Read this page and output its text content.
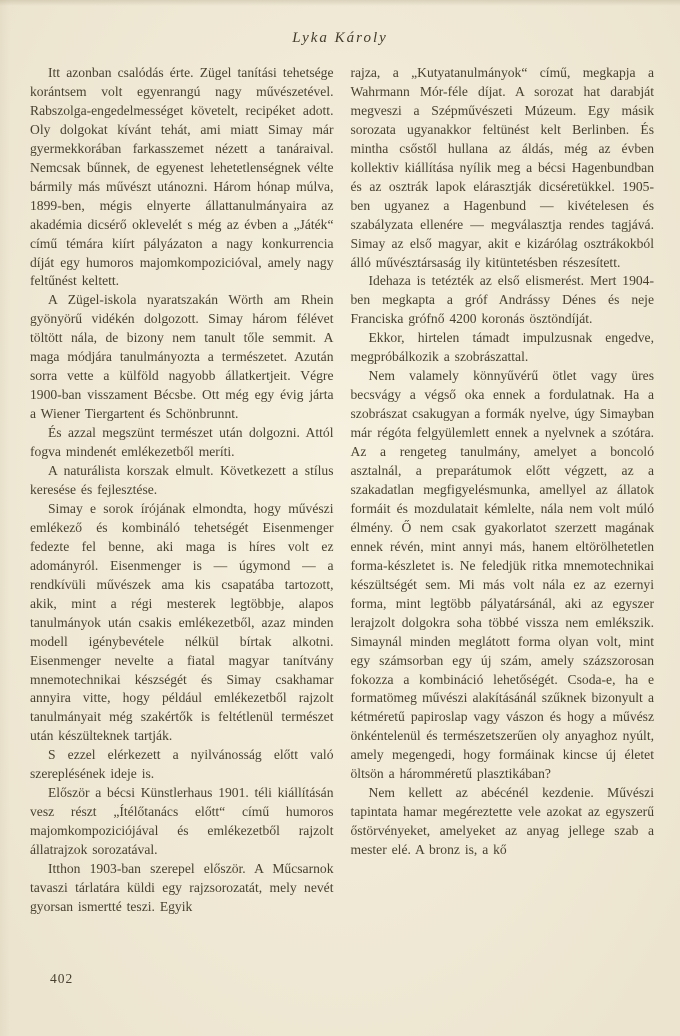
Lyka Károly

Itt azonban csalódás érte. Zügel tanítási tehetsége korántsem volt egyenrangú nagy művészetével. Rabszolga-engedelmességet követelt, recipéket adott. Oly dolgokat kívánt tehát, ami miatt Simay már gyermekkorában farkasszemet nézett a tanáraival. Nemcsak bűnnek, de egyenest lehetetlenségnek vélte bármily más művészt utánozni. Három hónap múlva, 1899-ben, mégis elnyerte állattanulmányaira az akadémia dicsérő oklevelét s még az évben a „Játék“ című témára kiírt pályázaton a nagy konkurrencia díját egy humoros majomkompozicióval, amely nagy feltűnést keltett.

A Zügel-iskola nyaratszakán Wörth am Rhein gyönyörű vidékén dolgozott. Simay három félévet töltött nála, de bizony nem tanult tőle semmit. A maga módjára tanulmányozta a természetet. Azután sorra vette a külföld nagyobb állatkertjeit. Végre 1900-ban visszament Bécsbe. Ott még egy évig járta a Wiener Tiergartent és Schönbrunnt.

És azzal megszünt természet után dolgozni. Attól fogva mindenét emlékezetből meríti.

A naturálista korszak elmult. Következett a stílus keresése és fejlesztése.

Simay e sorok írójának elmondta, hogy művészi emlékező és kombináló tehetségét Eisenmenger fedezte fel benne, aki maga is híres volt ez adományról. Eisenmenger is — úgymond — a rendkívüli művészek ama kis csapatába tartozott, akik, mint a régi mesterek legtöbbje, alapos tanulmányok után csakis emlékezetből, azaz minden modell igénybevétele nélkül bírtak alkotni. Eisenmenger nevelte a fiatal magyar tanítvány mnemotechnikai készségét és Simay csakhamar annyira vitte, hogy például emlékezetből rajzolt tanulmányait még szakértők is feltétlenül természet után készülteknek tartják.

S ezzel elérkezett a nyilvánosság előtt való szereplésének ideje is.

Először a bécsi Künstlerhaus 1901. téli kiállításán vesz részt „Ítélőtanács előtt“ című humoros majomkompoziciójával és emlékezetből rajzolt állatrajzok sorozatával.

Itthon 1903-ban szerepel először. A Műcsarnok tavaszi tárlatára küldi egy rajzsorozatát, mely nevét gyorsan ismertté teszi. Egyik

rajza, a „Kutyatanulmányok“ című, megkapja a Wahrmann Mór-féle díjat. A sorozat hat darabját megveszi a Szépművészeti Múzeum. Egy másik sorozata ugyanakkor feltünést kelt Berlinben. És mintha csőstől hullana az áldás, még az évben kollektiv kiállítása nyílik meg a bécsi Hagenbundban és az osztrák lapok elárasztják dicséretükkel. 1905-ben ugyanez a Hagenbund — kivételesen és szabályzata ellenére — megválasztja rendes tagjává. Simay az első magyar, akit e kizárólag osztrákokból álló művésztársaság ily kitüntetésben részesített.

Idehaza is tetézték az első elismerést. Mert 1904-ben megkapta a gróf Andrássy Dénes és neje Franciska grófnő 4200 koronás ösztöndíját.

Ekkor, hirtelen támadt impulzusnak engedve, megpróbálkozik a szobrászattal.

Nem valamely könnyűvérű ötlet vagy üres becsvágy a végső oka ennek a fordulatnak. Ha a szobrászat csakugyan a formák nyelve, úgy Simayban már régóta felgyülemlett ennek a nyelvnek a szótára. Az a rengeteg tanulmány, amelyet a boncoló asztalnál, a preparátumok előtt végzett, az a szakadatlan megfigyelésmunka, amellyel az állatok formáit és mozdulatait kémlelte, nála nem volt múló élmény. Ő nem csak gyakorlatot szerzett magának ennek révén, mint annyi más, hanem eltörölhetetlen forma-készletet is. Ne feledjük ritka mnemotechnikai készültségét sem. Mi más volt nála ez az ezernyi forma, mint legtöbb pályatársánál, aki az egyszer lerajzolt dolgokra soha többé vissza nem emlékszik. Simaynál minden meglátott forma olyan volt, mint egy számsorban egy új szám, amely százszorosan fokozza a kombináció lehetőségét. Csoda-e, ha e formatömeg művészi alakításánál szűknek bizonyult a kétméretű papiroslap vagy vászon és hogy a művész önkéntelenül és természetszerűen oly anyaghoz nyúlt, amely megengedi, hogy formáinak kincse új életet öltsön a háromméretű plasztikában?

Nem kellett az abécénél kezdenie. Művészi tapintata hamar megéreztette vele azokat az egyszerű őstörvényeket, amelyeket az anyag jellege szab a mester elé. A bronz is, a kő

402
